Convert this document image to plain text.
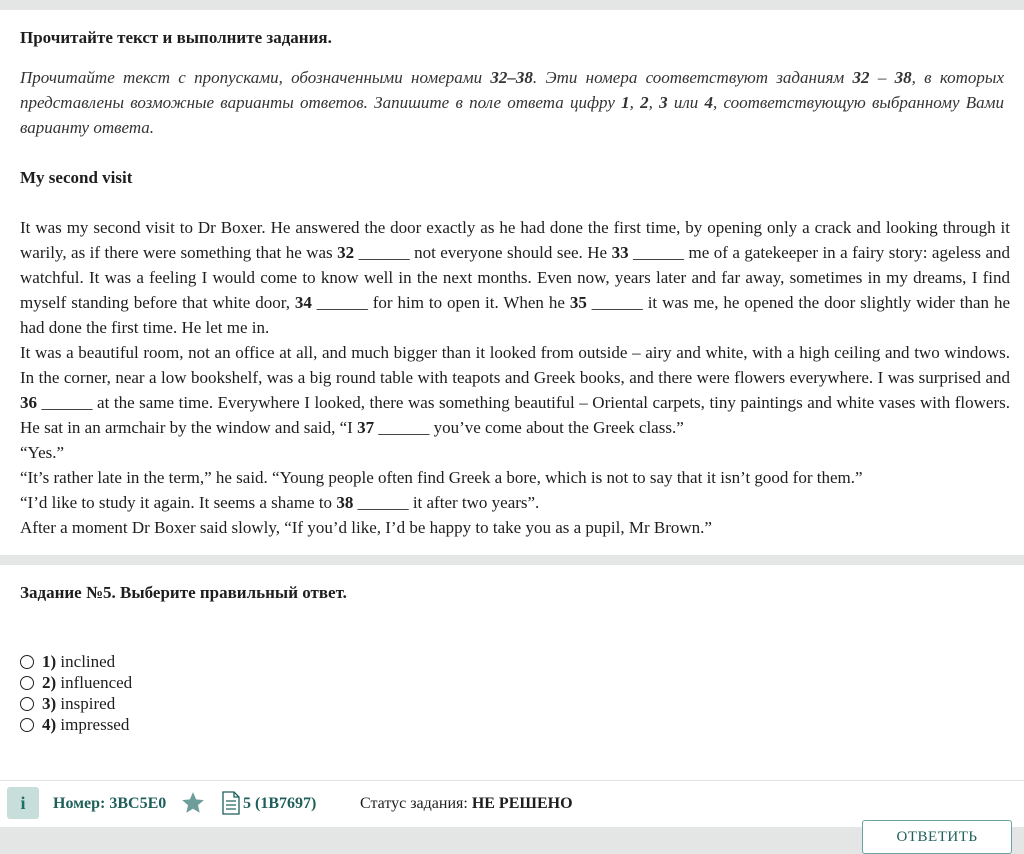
Прочитайте текст и выполните задания.
Прочитайте текст с пропусками, обозначенными номерами 32–38. Эти номера соответствуют заданиям 32 – 38, в которых представлены возможные варианты ответов. Запишите в поле ответа цифру 1, 2, 3 или 4, соответствующую выбранному Вами варианту ответа.
My second visit

It was my second visit to Dr Boxer. He answered the door exactly as he had done the first time, by opening only a crack and looking through it warily, as if there were something that he was 32 ______ not everyone should see. He 33 ______ me of a gatekeeper in a fairy story: ageless and watchful. It was a feeling I would come to know well in the next months. Even now, years later and far away, sometimes in my dreams, I find myself standing before that white door, 34 ______ for him to open it. When he 35 ______ it was me, he opened the door slightly wider than he had done the first time. He let me in.

It was a beautiful room, not an office at all, and much bigger than it looked from outside – airy and white, with a high ceiling and two windows. In the corner, near a low bookshelf, was a big round table with teapots and Greek books, and there were flowers everywhere. I was surprised and 36 ______ at the same time. Everywhere I looked, there was something beautiful – Oriental carpets, tiny paintings and white vases with flowers. He sat in an armchair by the window and said, “I 37 ______ you’ve come about the Greek class.”

“Yes.”

“It’s rather late in the term,” he said. “Young people often find Greek a bore, which is not to say that it isn’t good for them.”

“I’d like to study it again. It seems a shame to 38 ______ it after two years”.

After a moment Dr Boxer said slowly, “If you’d like, I’d be happy to take you as a pupil, Mr Brown.”

Задание №5. Выберите правильный ответ.
1)
inclined
2)
influenced
3)
inspired
4)
impressed
i	Номер: 3BC5E0	5 (1B7697)	Статус задания: НЕ РЕШЕНО
ОТВЕТИТЬ
